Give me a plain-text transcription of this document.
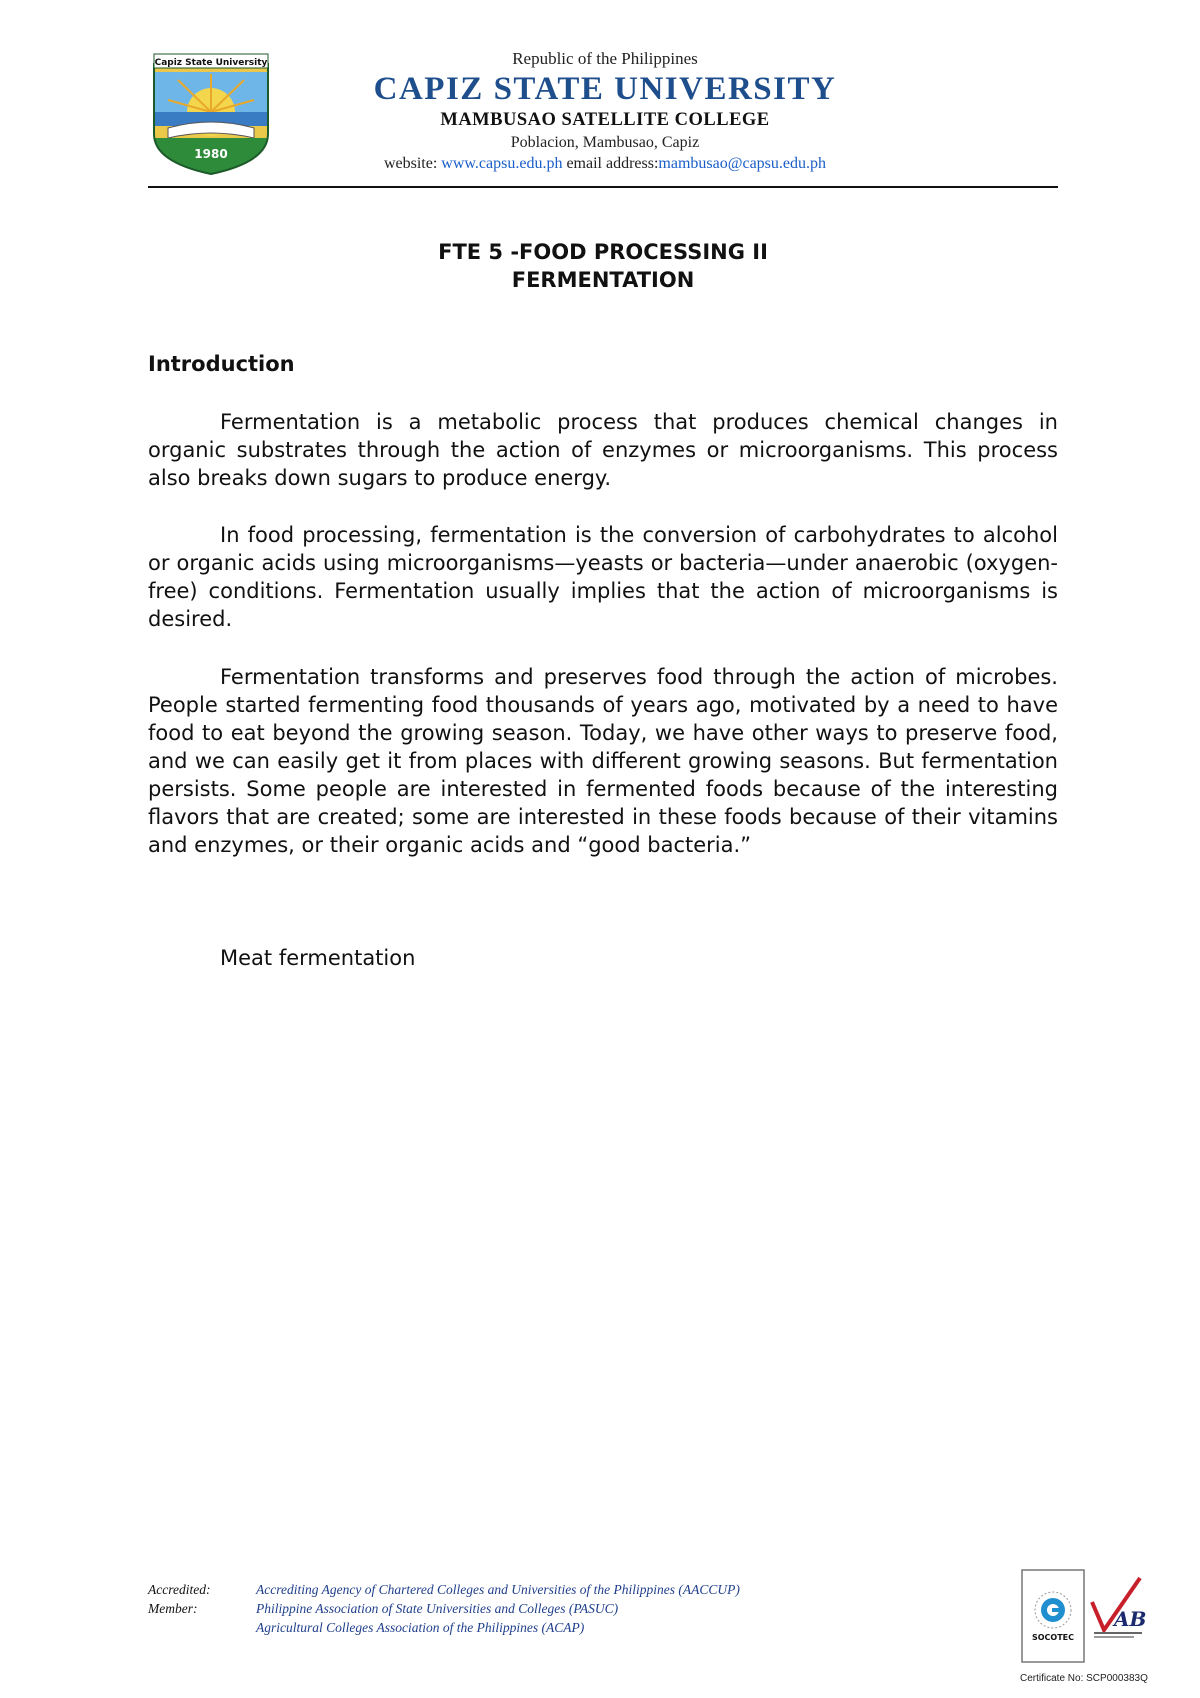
Capiz State University
1980
Republic of the Philippines
CAPIZ STATE UNIVERSITY
MAMBUSAO SATELLITE COLLEGE
Poblacion, Mambusao, Capiz
website: www.capsu.edu.ph email address:mambusao@capsu.edu.ph
FTE 5 -FOOD PROCESSING II
FERMENTATION
Introduction

Fermentation is a metabolic process that produces chemical changes in organic substrates through the action of enzymes or microorganisms. This process also breaks down sugars to produce energy.

In food processing, fermentation is the conversion of carbohydrates to alcohol or organic acids using microorganisms—yeasts or bacteria—under anaerobic (oxygen-free) conditions. Fermentation usually implies that the action of microorganisms is desired.

Fermentation transforms and preserves food through the action of microbes. People started fermenting food thousands of years ago, motivated by a need to have food to eat beyond the growing season. Today, we have other ways to preserve food, and we can easily get it from places with different growing seasons. But fermentation persists. Some people are interested in fermented foods because of the interesting flavors that are created; some are interested in these foods because of their vitamins and enzymes, or their organic acids and “good bacteria.”

Meat fermentation
Accredited:	Accrediting Agency of Chartered Colleges and Universities of the Philippines (AACCUP)
Member:	Philippine Association of State Universities and Colleges (PASUC)
Agricultural Colleges Association of the Philippines (ACAP)
SOCOTEC
AB
Certificate No: SCP000383Q
